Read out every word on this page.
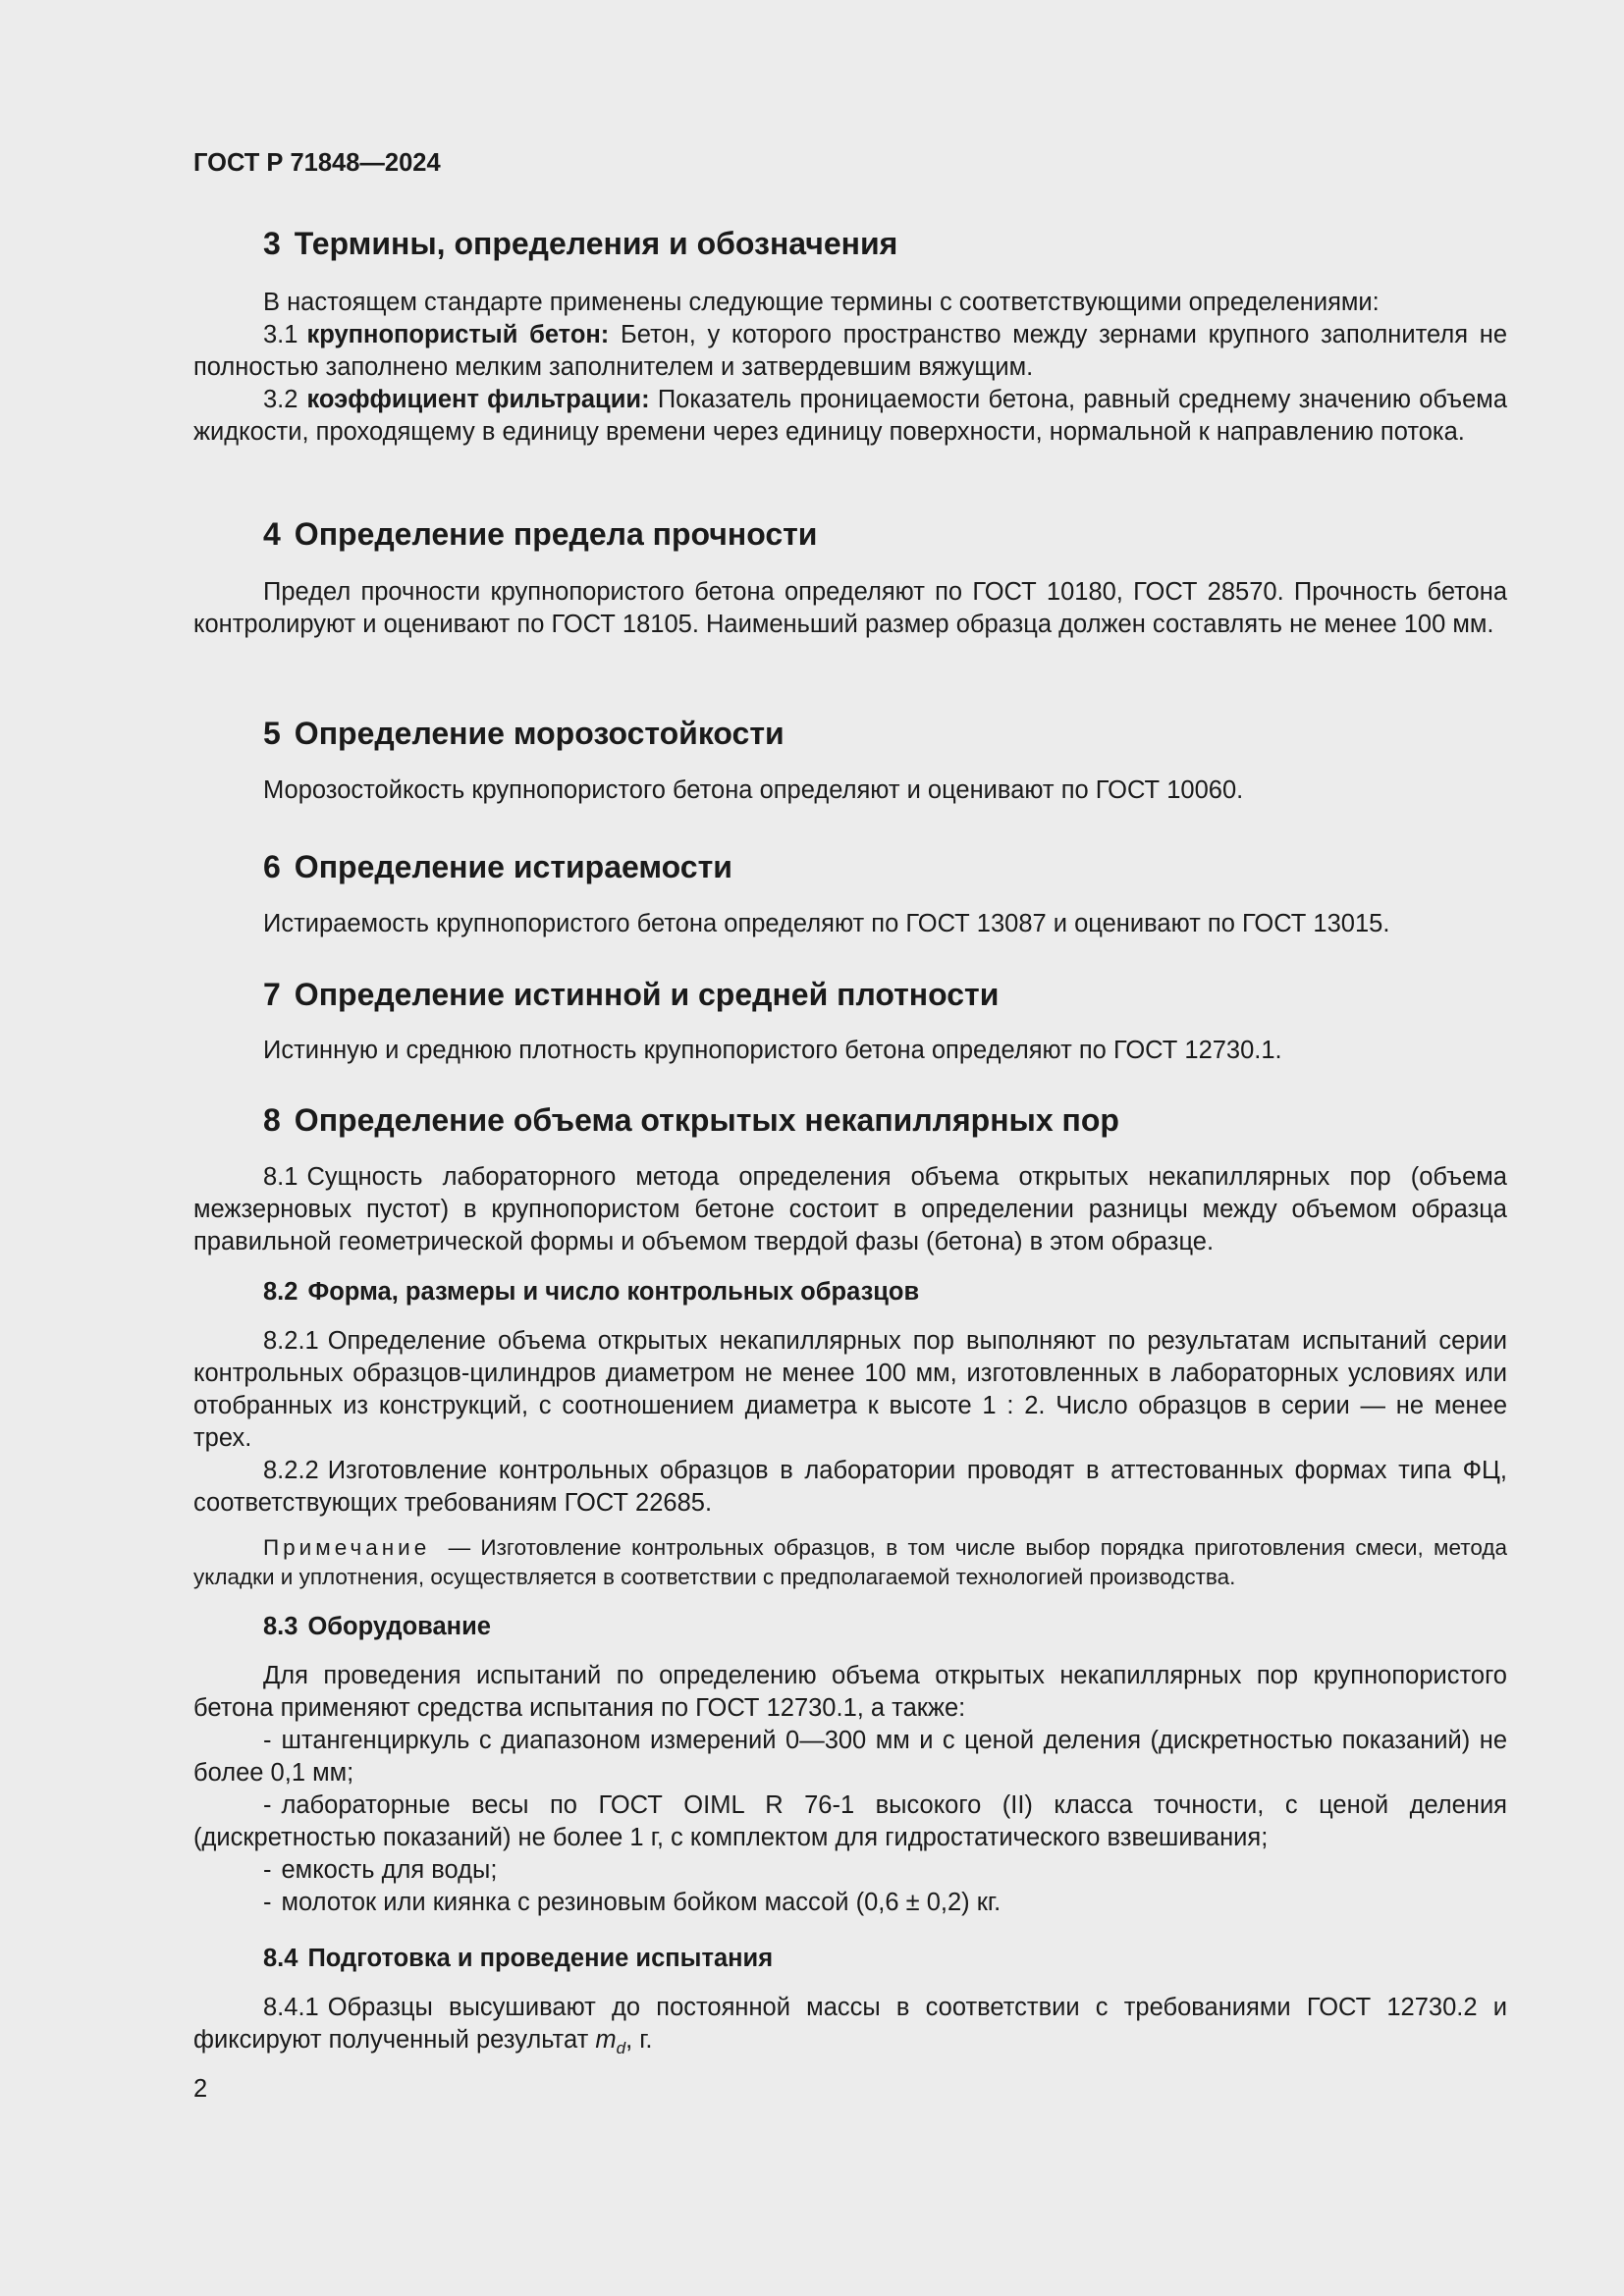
ГОСТ Р 71848—2024
3 Термины, определения и обозначения

В настоящем стандарте применены следующие термины с соответствующими определениями:

3.1 крупнопористый бетон: Бетон, у которого пространство между зернами крупного заполнителя не полностью заполнено мелким заполнителем и затвердевшим вяжущим.

3.2 коэффициент фильтрации: Показатель проницаемости бетона, равный среднему значению объема жидкости, проходящему в единицу времени через единицу поверхности, нормальной к направлению потока.

4 Определение предела прочности

Предел прочности крупнопористого бетона определяют по ГОСТ 10180, ГОСТ 28570. Прочность бетона контролируют и оценивают по ГОСТ 18105. Наименьший размер образца должен составлять не менее 100 мм.

5 Определение морозостойкости

Морозостойкость крупнопористого бетона определяют и оценивают по ГОСТ 10060.

6 Определение истираемости

Истираемость крупнопористого бетона определяют по ГОСТ 13087 и оценивают по ГОСТ 13015.

7 Определение истинной и средней плотности

Истинную и среднюю плотность крупнопористого бетона определяют по ГОСТ 12730.1.

8 Определение объема открытых некапиллярных пор

8.1 Сущность лабораторного метода определения объема открытых некапиллярных пор (объема межзерновых пустот) в крупнопористом бетоне состоит в определении разницы между объемом образца правильной геометрической формы и объемом твердой фазы (бетона) в этом образце.

8.2 Форма, размеры и число контрольных образцов

8.2.1 Определение объема открытых некапиллярных пор выполняют по результатам испытаний серии контрольных образцов-цилиндров диаметром не менее 100 мм, изготовленных в лабораторных условиях или отобранных из конструкций, с соотношением диаметра к высоте 1 : 2. Число образцов в серии — не менее трех.

8.2.2 Изготовление контрольных образцов в лаборатории проводят в аттестованных формах типа ФЦ, соответствующих требованиям ГОСТ 22685.

Примечание — Изготовление контрольных образцов, в том числе выбор порядка приготовления смеси, метода укладки и уплотнения, осуществляется в соответствии с предполагаемой технологией производства.

8.3 Оборудование

Для проведения испытаний по определению объема открытых некапиллярных пор крупнопористого бетона применяют средства испытания по ГОСТ 12730.1, а также:

- штангенциркуль с диапазоном измерений 0—300 мм и с ценой деления (дискретностью показаний) не более 0,1 мм;
- лабораторные весы по ГОСТ OIML R 76-1 высокого (II) класса точности, с ценой деления (дискретностью показаний) не более 1 г, с комплектом для гидростатического взвешивания;
- емкость для воды;
- молоток или киянка с резиновым бойком массой (0,6 ± 0,2) кг.
8.4 Подготовка и проведение испытания

8.4.1 Образцы высушивают до постоянной массы в соответствии с требованиями ГОСТ 12730.2 и фиксируют полученный результат $m_d$, г.

2
